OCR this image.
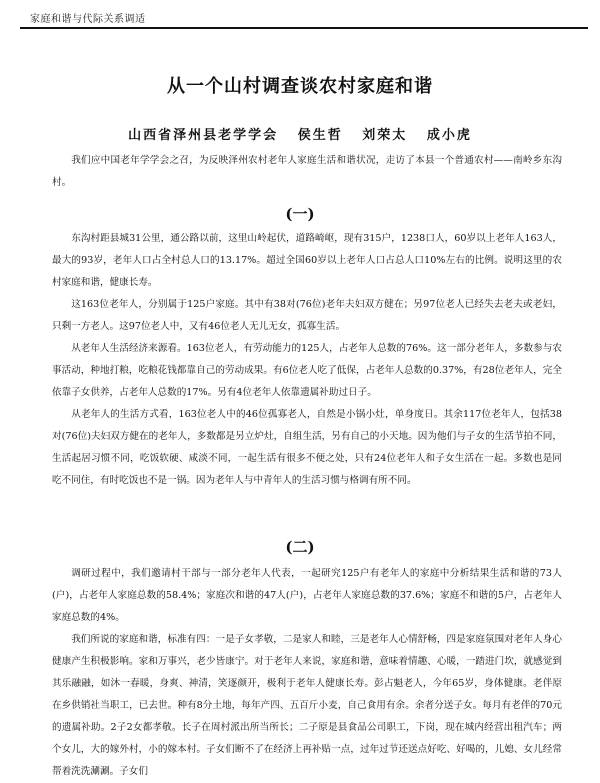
家庭和谐与代际关系调适
从一个山村调查谈农村家庭和谐
山西省泽州县老学学会   侯生哲   刘荣太   成小虎

我们应中国老年学学会之召，为反映泽州农村老年人家庭生活和谐状况，走访了本县一个普通农村——南岭乡东沟村。

(一)

东沟村距县城31公里，通公路以前，这里山岭起伏，道路崎岖，现有315户，1238口人，60岁以上老年人163人，最大的93岁，老年人口占全村总人口的13.17%。超过全国60岁以上老年人口占总人口10%左右的比例。说明这里的农村家庭和谐，健康长寿。

这163位老年人，分别属于125户家庭。其中有38对(76位)老年夫妇双方健在；另97位老人已经失去老夫或老妇，只剩一方老人。这97位老人中，又有46位老人无儿无女，孤寡生活。

从老年人生活经济来源看。163位老人，有劳动能力的125人，占老年人总数的76%。这一部分老年人，多数参与农事活动，种地打粮，吃粮花钱都靠自己的劳动成果。有6位老人吃了低保，占老年人总数的0.37%，有28位老年人，完全依靠子女供养，占老年人总数的17%。另有4位老年人依靠遗属补助过日子。

从老年人的生活方式看，163位老人中的46位孤寡老人，自然是小锅小灶，单身度日。其余117位老年人，包括38对(76位)夫妇双方健在的老年人，多数都是另立炉灶，自组生活，另有自己的小天地。因为他们与子女的生活节拍不同，生活起居习惯不同，吃饭软硬、咸淡不同，一起生活有很多不便之处，只有24位老年人和子女生活在一起。多数也是同吃不同住，有时吃饭也不是一锅。因为老年人与中青年人的生活习惯与格调有所不同。

(二)

调研过程中，我们邀请村干部与一部分老年人代表，一起研究125户有老年人的家庭中分析结果生活和谐的73人(户)，占老年人家庭总数的58.4%；家庭次和谐的47人(户)，占老年人家庭总数的37.6%；家庭不和谐的5户，占老年人家庭总数的4%。

我们所说的家庭和谐，标准有四：一是子女孝敬，二是家人和睦，三是老年人心情舒畅，四是家庭氛围对老年人身心健康产生积极影响。家和万事兴，老少皆康宁。对于老年人来说，家庭和谐，意味着情趣、心暖，一踏进门坎，就感觉到其乐融融，如沐一春暖，身爽、神清，笑逐颜开，极利于老年人健康长寿。彭占魁老人，今年65岁，身体健康。老伴原在乡供销社当职工，已去世。种有8分土地，每年产四、五百斤小麦，自己食用有余。余者分送子女。每月有老伴的70元的遗属补助。2子2女都孝敬。长子在周村派出所当所长；二子原是县食品公司职工，下岗，现在城内经营出租汽车；两个女儿，大的嫁外村，小的嫁本村。子女们断不了在经济上再补贴一点，过年过节还送点好吃、好喝的，儿媳、女儿经常帮着洗洗涮涮。子女们
